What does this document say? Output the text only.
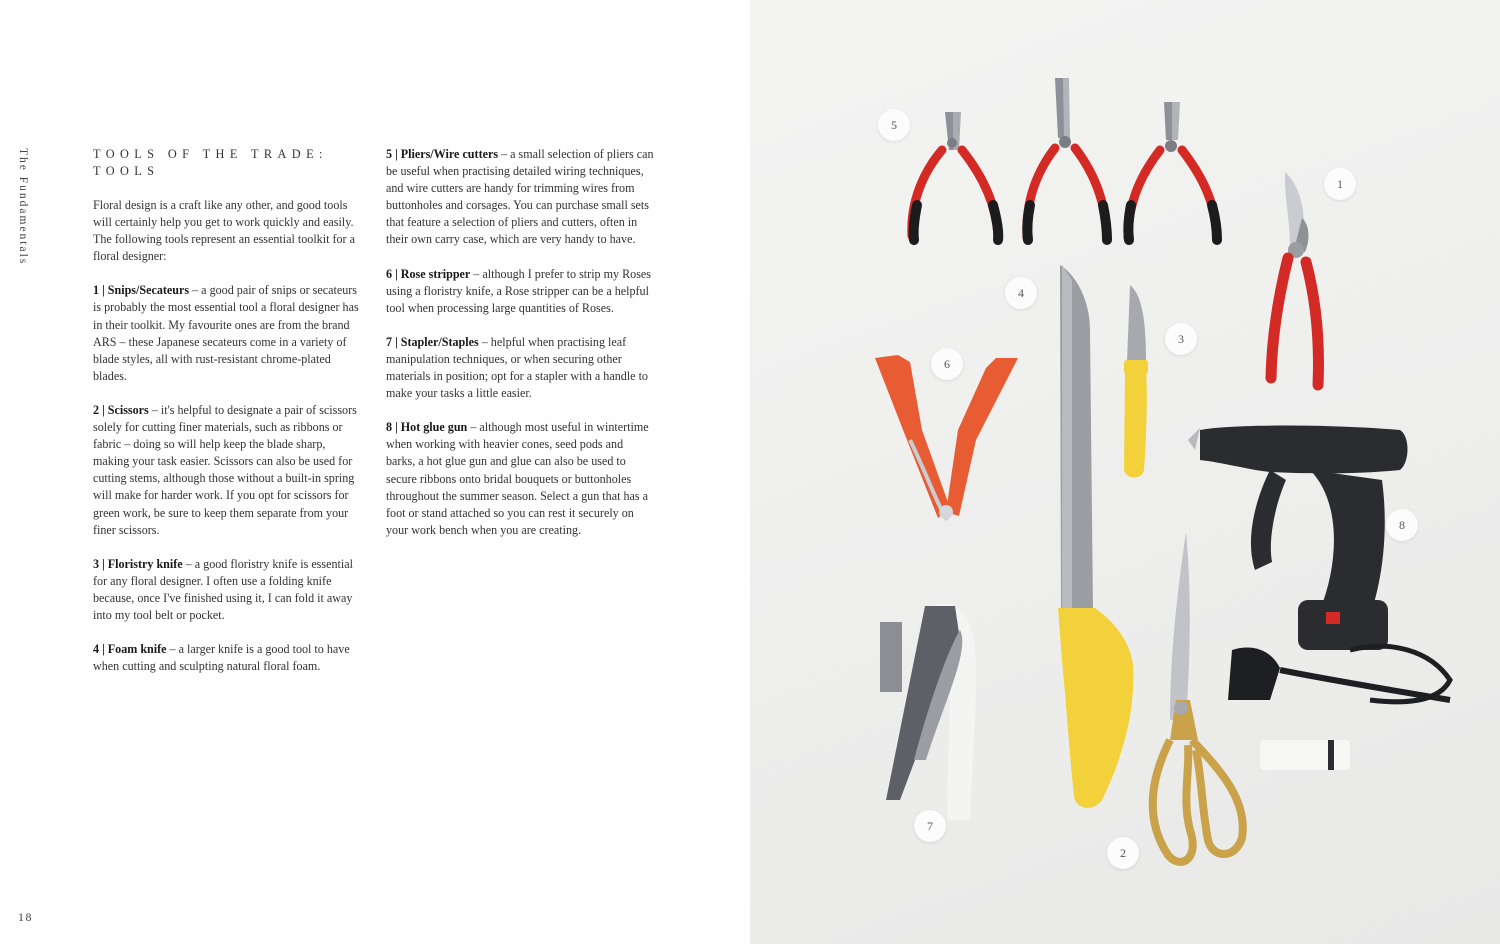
The Fundamentals	TOOLS OF THE TRADE:
TOOLS

Floral design is a craft like any other, and good tools will certainly help you get to work quickly and easily. The following tools represent an essential toolkit for a floral designer:

1 | Snips/Secateurs – a good pair of snips or secateurs is probably the most essential tool a floral designer has in their toolkit. My favourite ones are from the brand ARS – these Japanese secateurs come in a variety of blade styles, all with rust-resistant chrome-plated blades.

2 | Scissors – it's helpful to designate a pair of scissors solely for cutting finer materials, such as ribbons or fabric – doing so will help keep the blade sharp, making your task easier. Scissors can also be used for cutting stems, although those without a built-in spring will make for harder work. If you opt for scissors for green work, be sure to keep them separate from your finer scissors.

3 | Floristry knife – a good floristry knife is essential for any floral designer. I often use a folding knife because, once I've finished using it, I can fold it away into my tool belt or pocket.

4 | Foam knife – a larger knife is a good tool to have when cutting and sculpting natural floral foam.

5 | Pliers/Wire cutters – a small selection of pliers can be useful when practising detailed wiring techniques, and wire cutters are handy for trimming wires from buttonholes and corsages. You can purchase small sets that feature a selection of pliers and cutters, often in their own carry case, which are very handy to have.

6 | Rose stripper – although I prefer to strip my Roses using a floristry knife, a Rose stripper can be a helpful tool when processing large quantities of Roses.

7 | Stapler/Staples – helpful when practising leaf manipulation techniques, or when securing other materials in position; opt for a stapler with a handle to make your tasks a little easier.

8 | Hot glue gun – although most useful in wintertime when working with heavier cones, seed pods and barks, a hot glue gun and glue can also be used to secure ribbons onto bridal bouquets or buttonholes throughout the summer season. Select a gun that has a foot or stand attached so you can rest it securely on your work bench when you are creating.

18
5
1
4
3
6
8
7
2
